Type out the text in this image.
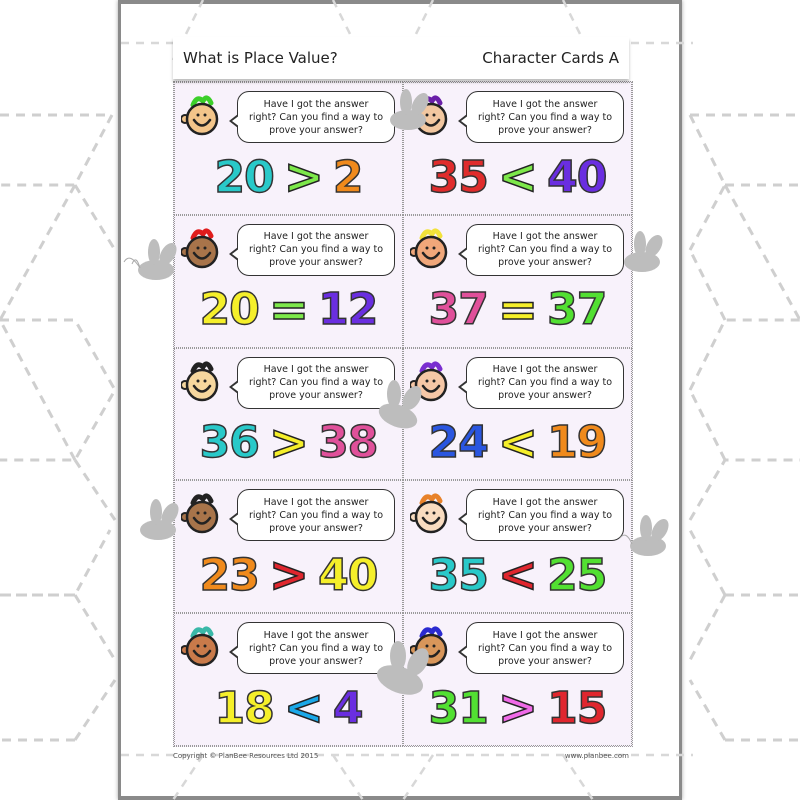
What is Place Value?	Character Cards A
Have I got the answer
right? Can you find a way to
prove your answer?
20 > 2
Have I got the answer
right? Can you find a way to
prove your answer?
35 < 40
Have I got the answer
right? Can you find a way to
prove your answer?
20 = 12
Have I got the answer
right? Can you find a way to
prove your answer?
37 = 37
Have I got the answer
right? Can you find a way to
prove your answer?
36 > 38
Have I got the answer
right? Can you find a way to
prove your answer?
24 < 19
Have I got the answer
right? Can you find a way to
prove your answer?
23 > 40
Have I got the answer
right? Can you find a way to
prove your answer?
35 < 25
Have I got the answer
right? Can you find a way to
prove your answer?
18 < 4
Have I got the answer
right? Can you find a way to
prove your answer?
31 > 15
Copyright © PlanBee Resources Ltd 2015	www.planbee.com
